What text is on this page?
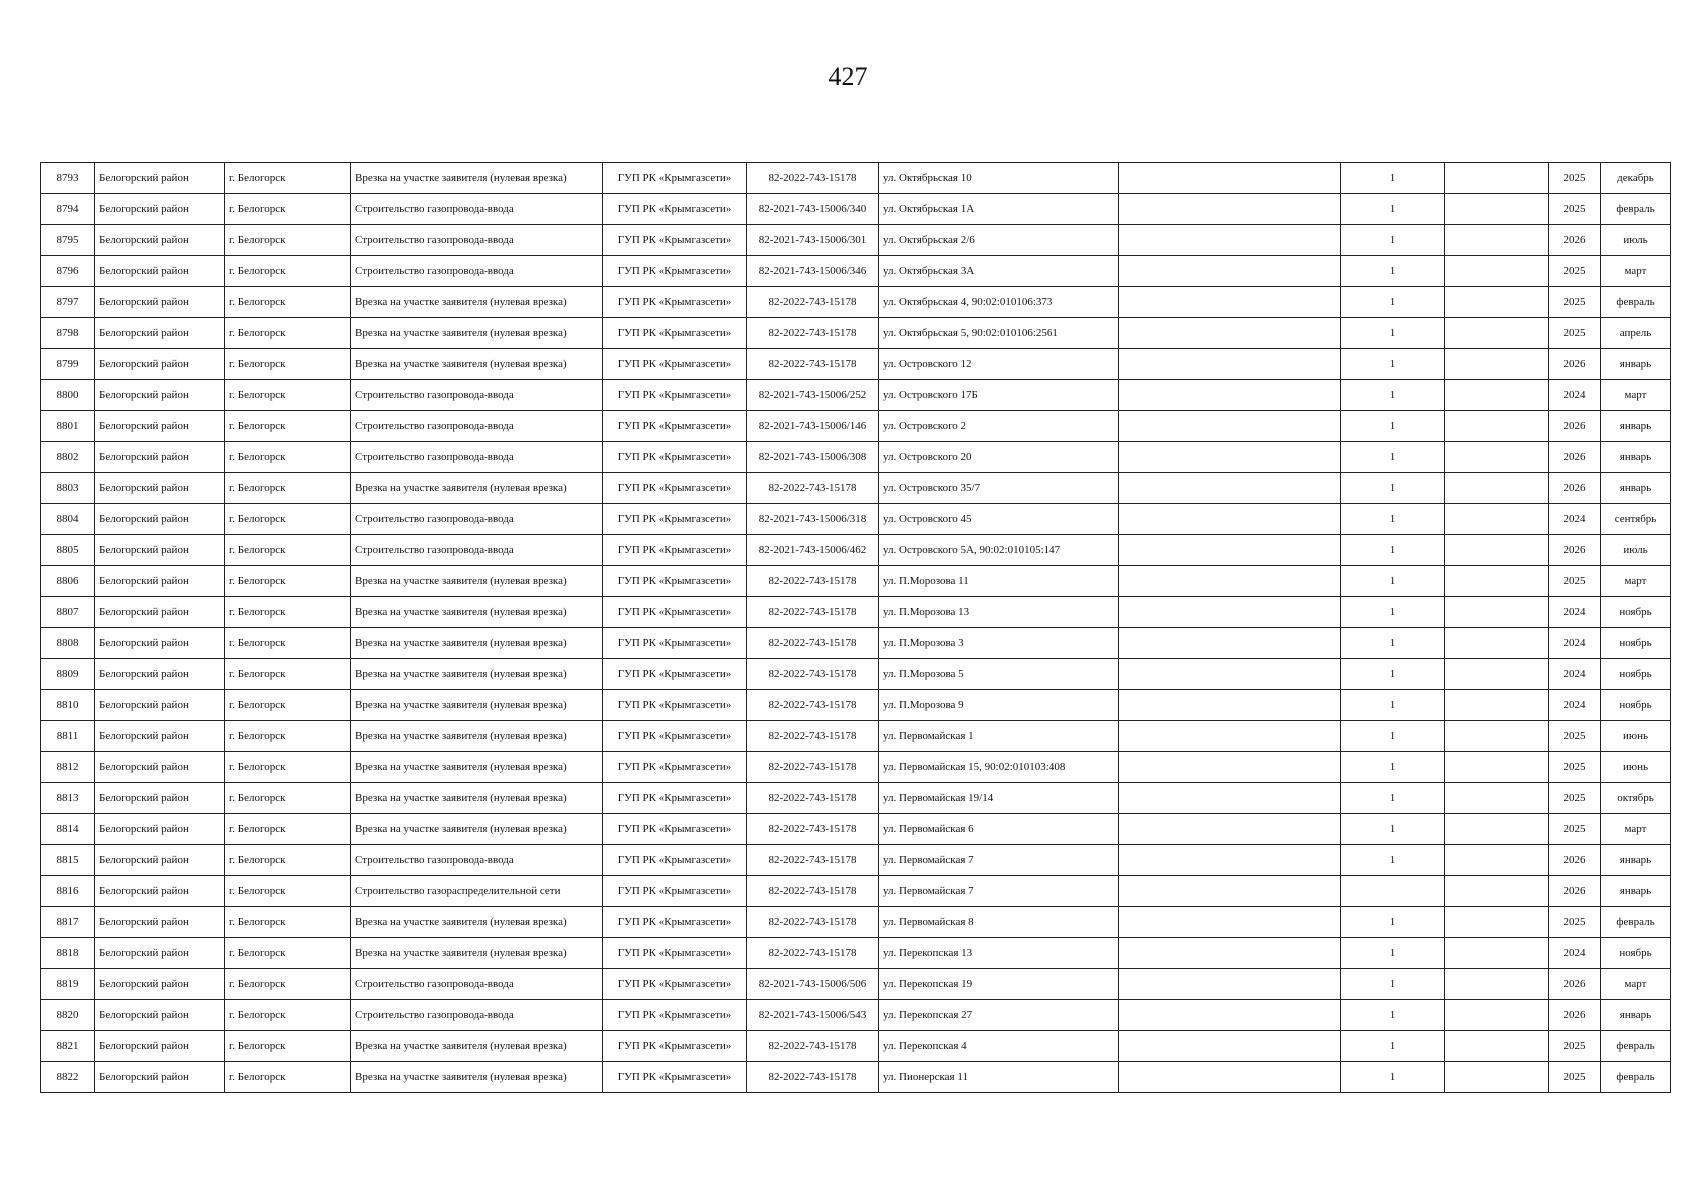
427
8793	Белогорский район	г. Белогорск	Врезка на участке заявителя (нулевая врезка)	ГУП РК «Крымгазсети»	82-2022-743-15178	ул. Октябрьская 10		1		2025	декабрь
8794	Белогорский район	г. Белогорск	Строительство газопровода-ввода	ГУП РК «Крымгазсети»	82-2021-743-15006/340	ул. Октябрьская 1А		1		2025	февраль
8795	Белогорский район	г. Белогорск	Строительство газопровода-ввода	ГУП РК «Крымгазсети»	82-2021-743-15006/301	ул. Октябрьская 2/6		1		2026	июль
8796	Белогорский район	г. Белогорск	Строительство газопровода-ввода	ГУП РК «Крымгазсети»	82-2021-743-15006/346	ул. Октябрьская 3А		1		2025	март
8797	Белогорский район	г. Белогорск	Врезка на участке заявителя (нулевая врезка)	ГУП РК «Крымгазсети»	82-2022-743-15178	ул. Октябрьская 4, 90:02:010106:373		1		2025	февраль
8798	Белогорский район	г. Белогорск	Врезка на участке заявителя (нулевая врезка)	ГУП РК «Крымгазсети»	82-2022-743-15178	ул. Октябрьская 5, 90:02:010106:2561		1		2025	апрель
8799	Белогорский район	г. Белогорск	Врезка на участке заявителя (нулевая врезка)	ГУП РК «Крымгазсети»	82-2022-743-15178	ул. Островского 12		1		2026	январь
8800	Белогорский район	г. Белогорск	Строительство газопровода-ввода	ГУП РК «Крымгазсети»	82-2021-743-15006/252	ул. Островского 17Б		1		2024	март
8801	Белогорский район	г. Белогорск	Строительство газопровода-ввода	ГУП РК «Крымгазсети»	82-2021-743-15006/146	ул. Островского 2		1		2026	январь
8802	Белогорский район	г. Белогорск	Строительство газопровода-ввода	ГУП РК «Крымгазсети»	82-2021-743-15006/308	ул. Островского 20		1		2026	январь
8803	Белогорский район	г. Белогорск	Врезка на участке заявителя (нулевая врезка)	ГУП РК «Крымгазсети»	82-2022-743-15178	ул. Островского 35/7		1		2026	январь
8804	Белогорский район	г. Белогорск	Строительство газопровода-ввода	ГУП РК «Крымгазсети»	82-2021-743-15006/318	ул. Островского 45		1		2024	сентябрь
8805	Белогорский район	г. Белогорск	Строительство газопровода-ввода	ГУП РК «Крымгазсети»	82-2021-743-15006/462	ул. Островского 5А, 90:02:010105:147		1		2026	июль
8806	Белогорский район	г. Белогорск	Врезка на участке заявителя (нулевая врезка)	ГУП РК «Крымгазсети»	82-2022-743-15178	ул. П.Морозова 11		1		2025	март
8807	Белогорский район	г. Белогорск	Врезка на участке заявителя (нулевая врезка)	ГУП РК «Крымгазсети»	82-2022-743-15178	ул. П.Морозова 13		1		2024	ноябрь
8808	Белогорский район	г. Белогорск	Врезка на участке заявителя (нулевая врезка)	ГУП РК «Крымгазсети»	82-2022-743-15178	ул. П.Морозова 3		1		2024	ноябрь
8809	Белогорский район	г. Белогорск	Врезка на участке заявителя (нулевая врезка)	ГУП РК «Крымгазсети»	82-2022-743-15178	ул. П.Морозова 5		1		2024	ноябрь
8810	Белогорский район	г. Белогорск	Врезка на участке заявителя (нулевая врезка)	ГУП РК «Крымгазсети»	82-2022-743-15178	ул. П.Морозова 9		1		2024	ноябрь
8811	Белогорский район	г. Белогорск	Врезка на участке заявителя (нулевая врезка)	ГУП РК «Крымгазсети»	82-2022-743-15178	ул. Первомайская 1		1		2025	июнь
8812	Белогорский район	г. Белогорск	Врезка на участке заявителя (нулевая врезка)	ГУП РК «Крымгазсети»	82-2022-743-15178	ул. Первомайская 15, 90:02:010103:408		1		2025	июнь
8813	Белогорский район	г. Белогорск	Врезка на участке заявителя (нулевая врезка)	ГУП РК «Крымгазсети»	82-2022-743-15178	ул. Первомайская 19/14		1		2025	октябрь
8814	Белогорский район	г. Белогорск	Врезка на участке заявителя (нулевая врезка)	ГУП РК «Крымгазсети»	82-2022-743-15178	ул. Первомайская 6		1		2025	март
8815	Белогорский район	г. Белогорск	Строительство газопровода-ввода	ГУП РК «Крымгазсети»	82-2022-743-15178	ул. Первомайская 7		1		2026	январь
8816	Белогорский район	г. Белогорск	Строительство газораспределительной сети	ГУП РК «Крымгазсети»	82-2022-743-15178	ул. Первомайская 7				2026	январь
8817	Белогорский район	г. Белогорск	Врезка на участке заявителя (нулевая врезка)	ГУП РК «Крымгазсети»	82-2022-743-15178	ул. Первомайская 8		1		2025	февраль
8818	Белогорский район	г. Белогорск	Врезка на участке заявителя (нулевая врезка)	ГУП РК «Крымгазсети»	82-2022-743-15178	ул. Перекопская 13		1		2024	ноябрь
8819	Белогорский район	г. Белогорск	Строительство газопровода-ввода	ГУП РК «Крымгазсети»	82-2021-743-15006/506	ул. Перекопская 19		1		2026	март
8820	Белогорский район	г. Белогорск	Строительство газопровода-ввода	ГУП РК «Крымгазсети»	82-2021-743-15006/543	ул. Перекопская 27		1		2026	январь
8821	Белогорский район	г. Белогорск	Врезка на участке заявителя (нулевая врезка)	ГУП РК «Крымгазсети»	82-2022-743-15178	ул. Перекопская 4		1		2025	февраль
8822	Белогорский район	г. Белогорск	Врезка на участке заявителя (нулевая врезка)	ГУП РК «Крымгазсети»	82-2022-743-15178	ул. Пионерская 11		1		2025	февраль
